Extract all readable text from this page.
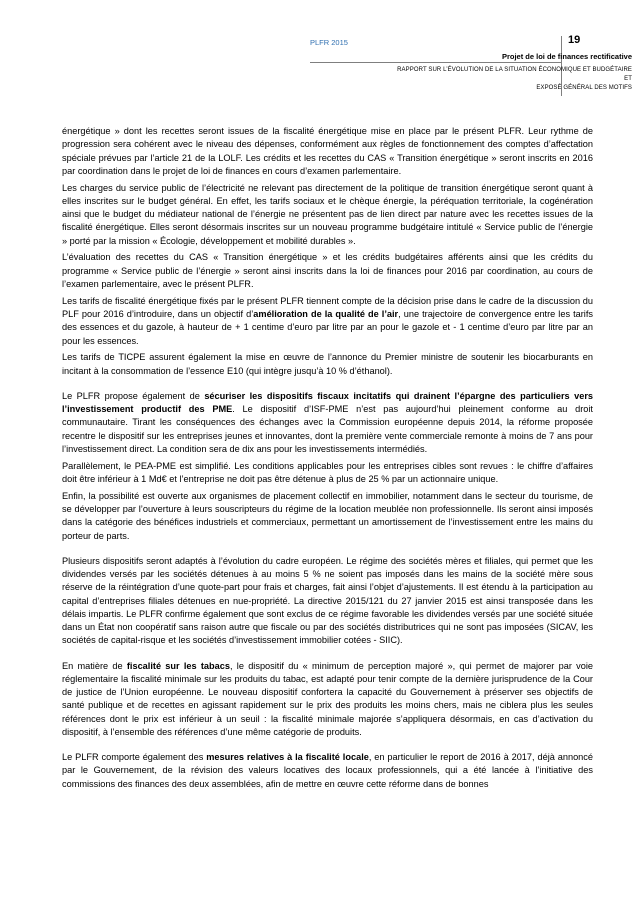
PLFR 2015	19
Projet de loi de finances rectificative
RAPPORT SUR L’ÉVOLUTION DE LA SITUATION ÉCONOMIQUE ET BUDGÉTAIRE ET
EXPOSÉ GÉNÉRAL DES MOTIFS

énergétique » dont les recettes seront issues de la fiscalité énergétique mise en place par le présent PLFR. Leur rythme de progression sera cohérent avec le niveau des dépenses, conformément aux règles de fonctionnement des comptes d’affectation spéciale prévues par l’article 21 de la LOLF. Les crédits et les recettes du CAS « Transition énergétique » seront inscrits en 2016 par coordination dans le projet de loi de finances en cours d’examen parlementaire.

Les charges du service public de l’électricité ne relevant pas directement de la politique de transition énergétique seront quant à elles inscrites sur le budget général. En effet, les tarifs sociaux et le chèque énergie, la péréquation territoriale, la cogénération ainsi que le budget du médiateur national de l’énergie ne présentent pas de lien direct par nature avec les recettes issues de la fiscalité énergétique. Elles seront désormais inscrites sur un nouveau programme budgétaire intitulé « Service public de l’énergie » porté par la mission « Écologie, développement et mobilité durables ».

L’évaluation des recettes du CAS « Transition énergétique » et les crédits budgétaires afférents ainsi que les crédits du programme « Service public de l’énergie » seront ainsi inscrits dans la loi de finances pour 2016 par coordination, au cours de l’examen parlementaire, avec le présent PLFR.

Les tarifs de fiscalité énergétique fixés par le présent PLFR tiennent compte de la décision prise dans le cadre de la discussion du PLF pour 2016 d’introduire, dans un objectif d’amélioration de la qualité de l’air, une trajectoire de convergence entre les tarifs des essences et du gazole, à hauteur de + 1 centime d’euro par litre par an pour le gazole et - 1 centime d’euro par litre par an pour les essences.

Les tarifs de TICPE assurent également la mise en œuvre de l’annonce du Premier ministre de soutenir les biocarburants en incitant à la consommation de l’essence E10 (qui intègre jusqu’à 10 % d’éthanol).

Le PLFR propose également de sécuriser les dispositifs fiscaux incitatifs qui drainent l’épargne des particuliers vers l’investissement productif des PME. Le dispositif d’ISF-PME n’est pas aujourd’hui pleinement conforme au droit communautaire. Tirant les conséquences des échanges avec la Commission européenne depuis 2014, la réforme proposée recentre le dispositif sur les entreprises jeunes et innovantes, dont la première vente commerciale remonte à moins de 7 ans pour l’investissement direct. La condition sera de dix ans pour les investissements intermédiés.

Parallèlement, le PEA-PME est simplifié. Les conditions applicables pour les entreprises cibles sont revues : le chiffre d’affaires doit être inférieur à 1 Md€ et l’entreprise ne doit pas être détenue à plus de 25 % par un actionnaire unique.

Enfin, la possibilité est ouverte aux organismes de placement collectif en immobilier, notamment dans le secteur du tourisme, de se développer par l’ouverture à leurs souscripteurs du régime de la location meublée non professionnelle. Ils seront ainsi imposés dans la catégorie des bénéfices industriels et commerciaux, permettant un amortissement de l’investissement entre les mains du porteur de parts.

Plusieurs dispositifs seront adaptés à l’évolution du cadre européen. Le régime des sociétés mères et filiales, qui permet que les dividendes versés par les sociétés détenues à au moins 5 % ne soient pas imposés dans les mains de la société mère sous réserve de la réintégration d’une quote-part pour frais et charges, fait ainsi l’objet d’ajustements. Il est étendu à la participation au capital d’entreprises filiales détenues en nue-propriété. La directive 2015/121 du 27 janvier 2015 est ainsi transposée dans les délais impartis. Le PLFR confirme également que sont exclus de ce régime favorable les dividendes versés par une société située dans un État non coopératif sans raison autre que fiscale ou par des sociétés distributrices qui ne sont pas imposées (SICAV, les sociétés de capital-risque et les sociétés d’investissement immobilier cotées - SIIC).

En matière de fiscalité sur les tabacs, le dispositif du « minimum de perception majoré », qui permet de majorer par voie réglementaire la fiscalité minimale sur les produits du tabac, est adapté pour tenir compte de la dernière jurisprudence de la Cour de justice de l’Union européenne. Le nouveau dispositif confortera la capacité du Gouvernement à préserver ses objectifs de santé publique et de recettes en agissant rapidement sur le prix des produits les moins chers, mais ne ciblera plus les seules références dont le prix est inférieur à un seuil : la fiscalité minimale majorée s’appliquera désormais, en cas d’activation du dispositif, à l’ensemble des références d’une même catégorie de produits.

Le PLFR comporte également des mesures relatives à la fiscalité locale, en particulier le report de 2016 à 2017, déjà annoncé par le Gouvernement, de la révision des valeurs locatives des locaux professionnels, qui a été lancée à l’initiative des commissions des finances des deux assemblées, afin de mettre en œuvre cette réforme dans de bonnes
